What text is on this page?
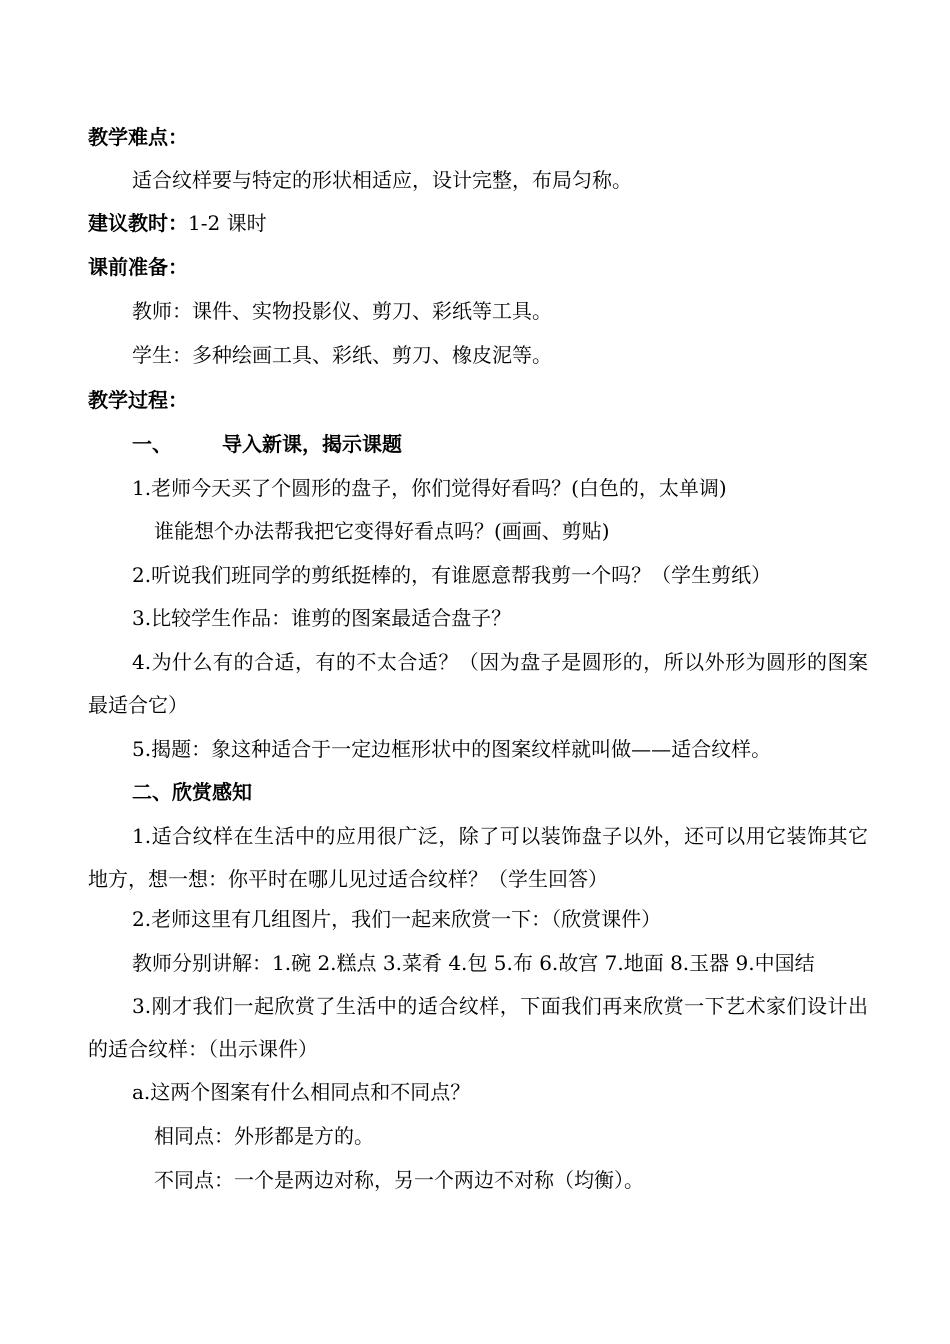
教学难点：
适合纹样要与特定的形状相适应，设计完整，布局匀称。
建议教时：1-2 课时
课前准备：
教师：课件、实物投影仪、剪刀、彩纸等工具。
学生：多种绘画工具、彩纸、剪刀、橡皮泥等。
教学过程：
一、	导入新课，揭示课题
1.老师今天买了个圆形的盘子，你们觉得好看吗？(白色的，太单调)
谁能想个办法帮我把它变得好看点吗？(画画、剪贴)
2.听说我们班同学的剪纸挺棒的，有谁愿意帮我剪一个吗？（学生剪纸）
3.比较学生作品：谁剪的图案最适合盘子？
4.为什么有的合适，有的不太合适？（因为盘子是圆形的，所以外形为圆形的图案最适合它）
5.揭题：象这种适合于一定边框形状中的图案纹样就叫做——适合纹样。
二、欣赏感知
1.适合纹样在生活中的应用很广泛，除了可以装饰盘子以外，还可以用它装饰其它地方，想一想：你平时在哪儿见过适合纹样？（学生回答）
2.老师这里有几组图片，我们一起来欣赏一下：（欣赏课件）
教师分别讲解：1.碗 2.糕点 3.菜肴 4.包 5.布 6.故宫 7.地面 8.玉器 9.中国结
3.刚才我们一起欣赏了生活中的适合纹样，下面我们再来欣赏一下艺术家们设计出的适合纹样：（出示课件）
a.这两个图案有什么相同点和不同点？
相同点：外形都是方的。
不同点：一个是两边对称，另一个两边不对称（均衡）。
